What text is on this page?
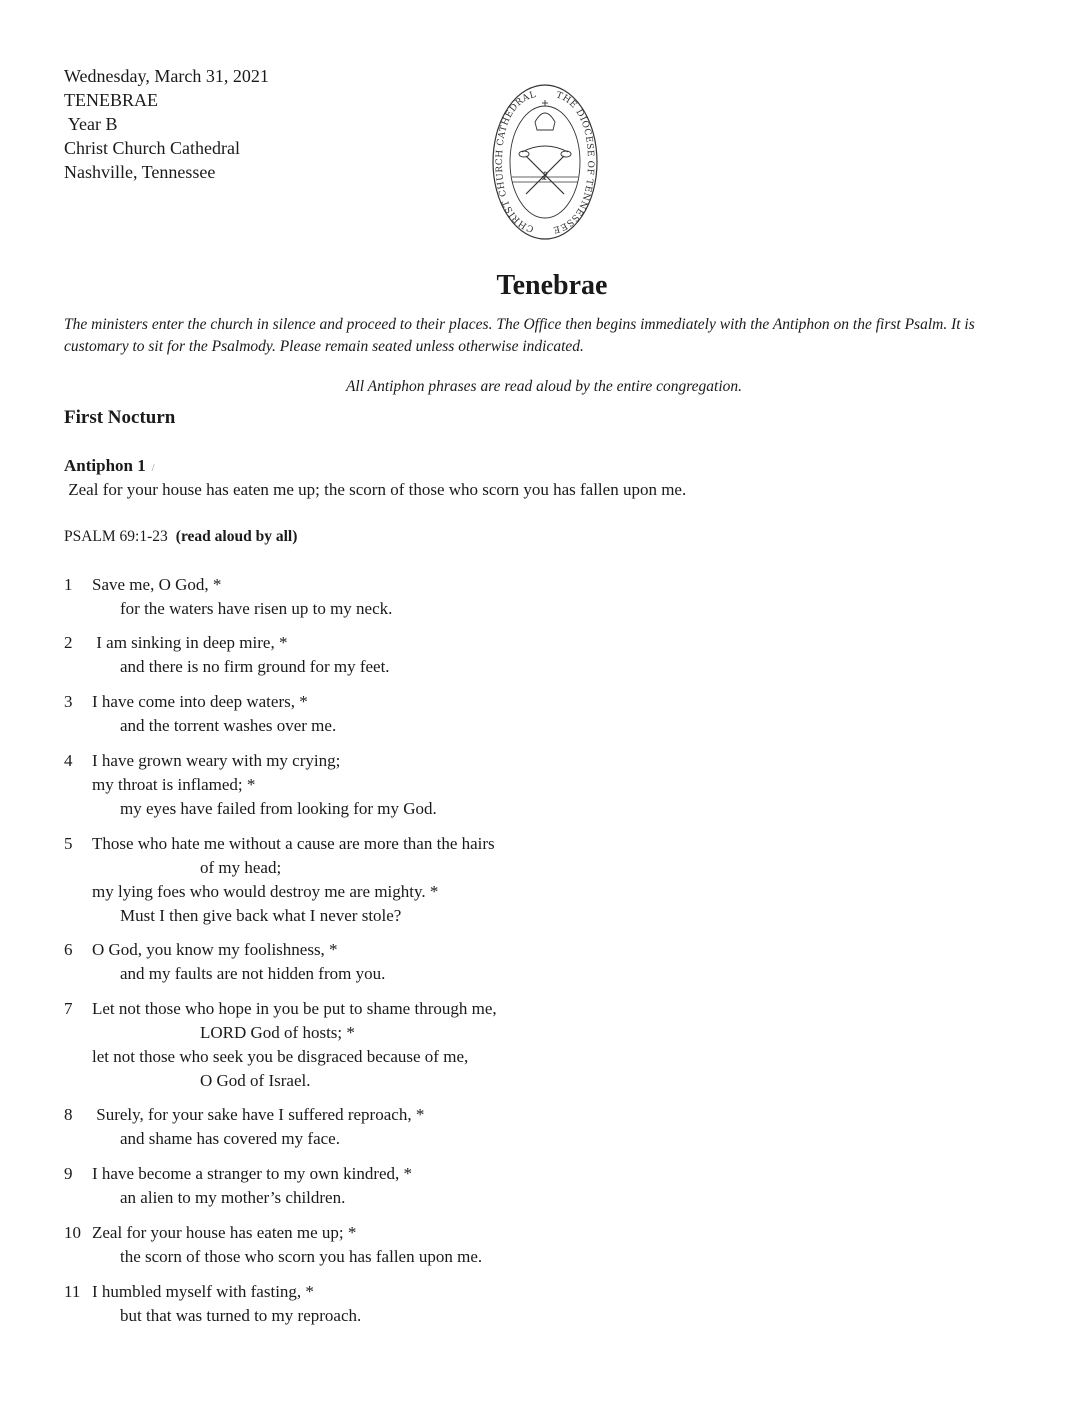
Wednesday, March 31, 2021
TENEBRAE
Year B
Christ Church Cathedral
Nashville, Tennessee
CHRIST CHURCH CATHEDRAL	THE DIOCESE OF TENNESSEE
☧
Tenebrae
The ministers enter the church in silence and proceed to their places. The Office then begins immediately with the Antiphon on the first Psalm. It is customary to sit for the Psalmody. Please remain seated unless otherwise indicated.
All Antiphon phrases are read aloud by the entire congregation.
First Nocturn
Antiphon 1 /
Zeal for your house has eaten me up; the scorn of those who scorn you has fallen upon me.
PSALM 69:1-23 (read aloud by all)
1 Save me, O God, *
for the waters have risen up to my neck.
2 I am sinking in deep mire, *
and there is no firm ground for my feet.
3 I have come into deep waters, *
and the torrent washes over me.
4 I have grown weary with my crying;
my throat is inflamed; *
my eyes have failed from looking for my God.
5 Those who hate me without a cause are more than the hairs
of my head;
my lying foes who would destroy me are mighty. *
Must I then give back what I never stole?
6 O God, you know my foolishness, *
and my faults are not hidden from you.
7 Let not those who hope in you be put to shame through me,
LORD God of hosts; *
let not those who seek you be disgraced because of me,
O God of Israel.
8 Surely, for your sake have I suffered reproach, *
and shame has covered my face.
9 I have become a stranger to my own kindred, *
an alien to my mother’s children.
10 Zeal for your house has eaten me up; *
the scorn of those who scorn you has fallen upon me.
11 I humbled myself with fasting, *
but that was turned to my reproach.
